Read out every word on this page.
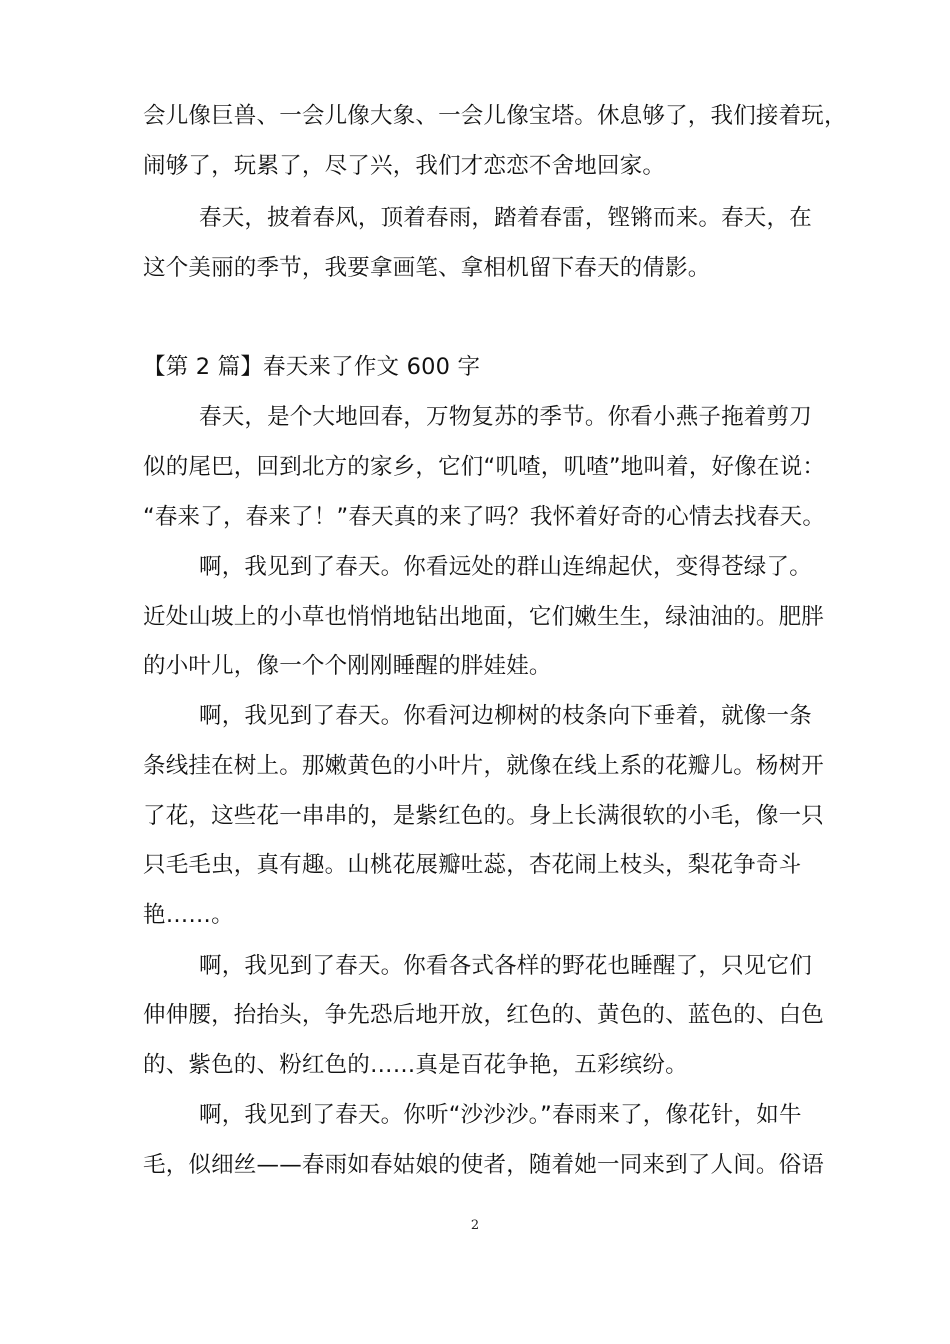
会儿像巨兽、一会儿像大象、一会儿像宝塔。休息够了，我们接着玩，
闹够了，玩累了，尽了兴，我们才恋恋不舍地回家。
春天，披着春风，顶着春雨，踏着春雷，铿锵而来。春天，在
这个美丽的季节，我要拿画笔、拿相机留下春天的倩影。
【第 2 篇】春天来了作文 600 字
春天，是个大地回春，万物复苏的季节。你看小燕子拖着剪刀
似的尾巴，回到北方的家乡，它们“叽喳，叽喳”地叫着，好像在说：
“春来了，春来了！”春天真的来了吗？我怀着好奇的心情去找春天。
啊，我见到了春天。你看远处的群山连绵起伏，变得苍绿了。
近处山坡上的小草也悄悄地钻出地面，它们嫩生生，绿油油的。肥胖
的小叶儿，像一个个刚刚睡醒的胖娃娃。
啊，我见到了春天。你看河边柳树的枝条向下垂着，就像一条
条线挂在树上。那嫩黄色的小叶片，就像在线上系的花瓣儿。杨树开
了花，这些花一串串的，是紫红色的。身上长满很软的小毛，像一只
只毛毛虫，真有趣。山桃花展瓣吐蕊，杏花闹上枝头，梨花争奇斗
艳……。
啊，我见到了春天。你看各式各样的野花也睡醒了，只见它们
伸伸腰，抬抬头，争先恐后地开放，红色的、黄色的、蓝色的、白色
的、紫色的、粉红色的……真是百花争艳，五彩缤纷。
啊，我见到了春天。你听“沙沙沙。”春雨来了，像花针，如牛
毛，似细丝——春雨如春姑娘的使者，随着她一同来到了人间。俗语
2
